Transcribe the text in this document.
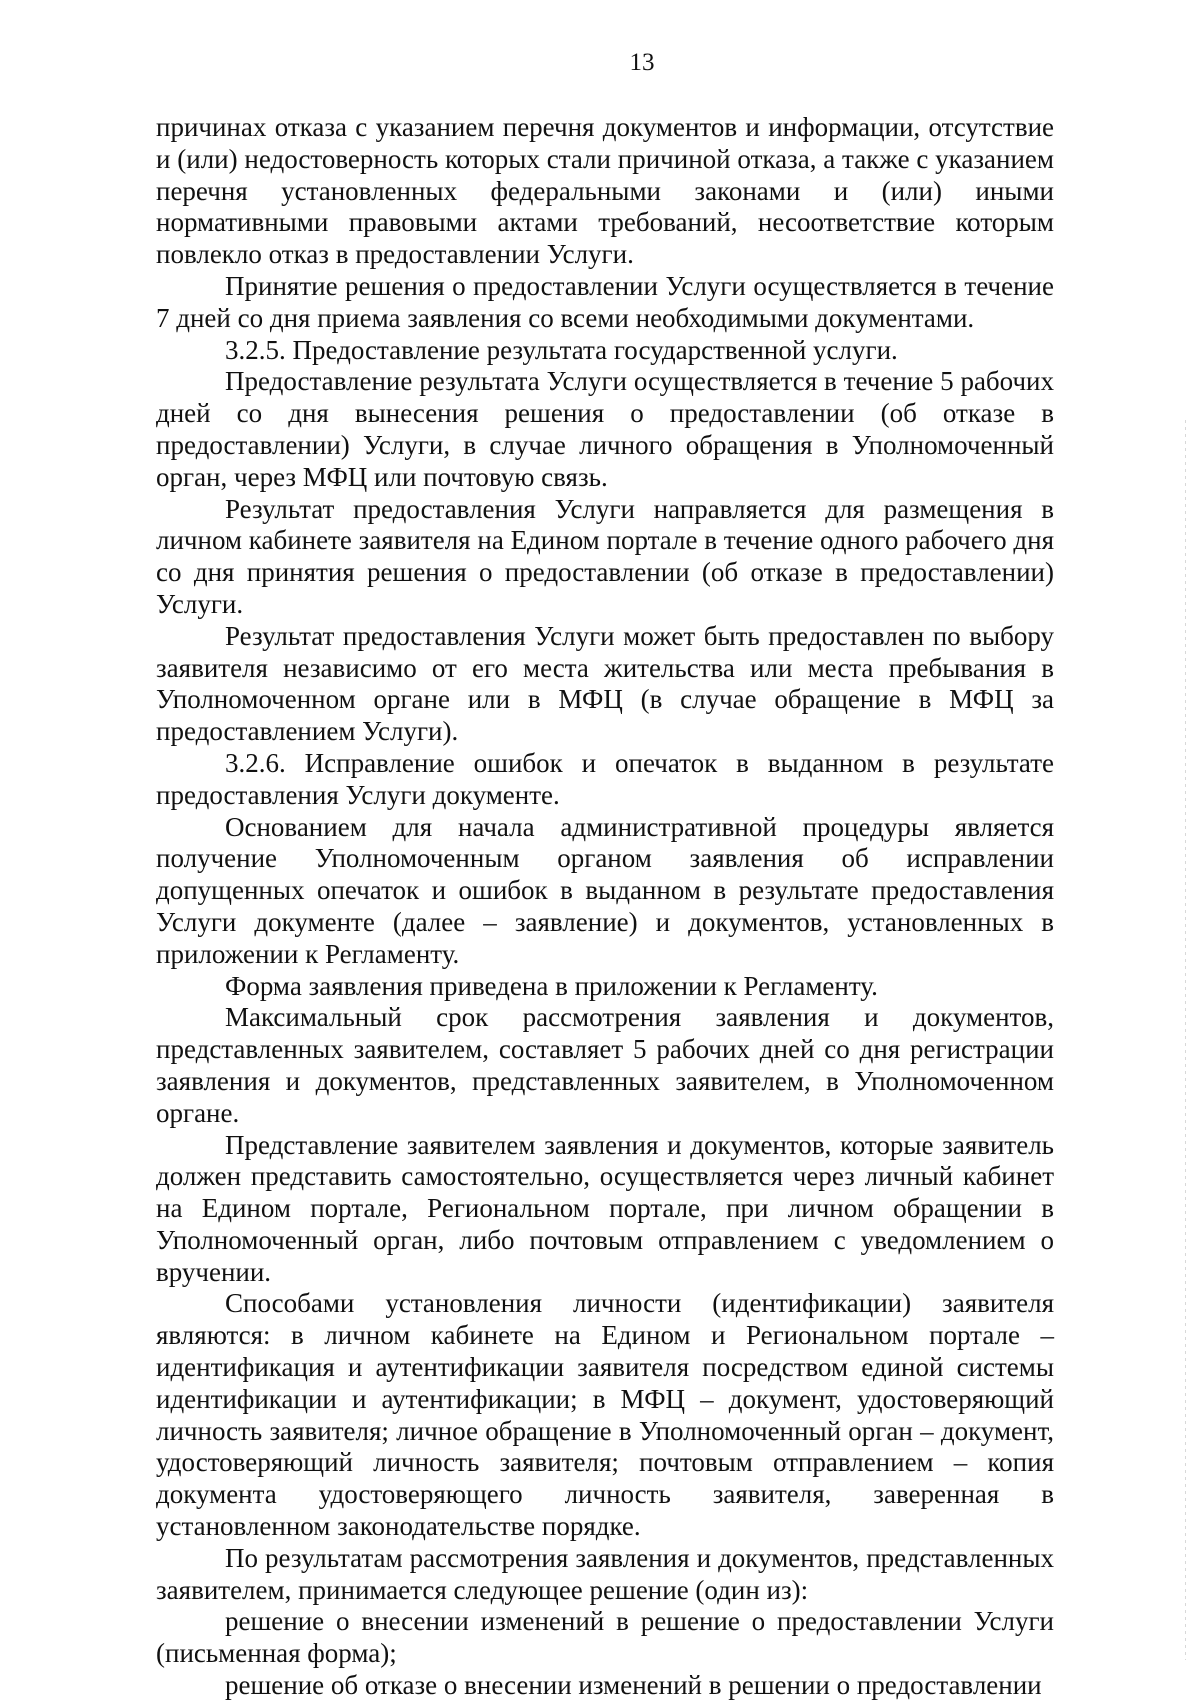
13

причинах отказа с указанием перечня документов и информации, отсутствие и (или) недостоверность которых стали причиной отказа, а также с указанием перечня установленных федеральными законами и (или) иными нормативными правовыми актами требований, несоответствие которым повлекло отказ в предоставлении Услуги.

Принятие решения о предоставлении Услуги осуществляется в течение 7 дней со дня приема заявления со всеми необходимыми документами.

3.2.5. Предоставление результата государственной услуги.

Предоставление результата Услуги осуществляется в течение 5 рабочих дней со дня вынесения решения о предоставлении (об отказе в предоставлении) Услуги, в случае личного обращения в Уполномоченный орган, через МФЦ или почтовую связь.

Результат предоставления Услуги направляется для размещения в личном кабинете заявителя на Едином портале в течение одного рабочего дня со дня принятия решения о предоставлении (об отказе в предоставлении) Услуги.

Результат предоставления Услуги может быть предоставлен по выбору заявителя независимо от его места жительства или места пребывания в Уполномоченном органе или в МФЦ (в случае обращение в МФЦ за предоставлением Услуги).

3.2.6. Исправление ошибок и опечаток в выданном в результате предоставления Услуги документе.

Основанием для начала административной процедуры является получение Уполномоченным органом заявления об исправлении допущенных опечаток и ошибок в выданном в результате предоставления Услуги документе (далее – заявление) и документов, установленных в приложении к Регламенту.

Форма заявления приведена в приложении к Регламенту.

Максимальный срок рассмотрения заявления и документов, представленных заявителем, составляет 5 рабочих дней со дня регистрации заявления и документов, представленных заявителем, в Уполномоченном органе.

Представление заявителем заявления и документов, которые заявитель должен представить самостоятельно, осуществляется через личный кабинет на Едином портале, Региональном портале, при личном обращении в Уполномоченный орган, либо почтовым отправлением с уведомлением о вручении.

Способами установления личности (идентификации) заявителя являются: в личном кабинете на Едином и Региональном портале – идентификация и аутентификации заявителя посредством единой системы идентификации и аутентификации; в МФЦ – документ, удостоверяющий личность заявителя; личное обращение в Уполномоченный орган – документ, удостоверяющий личность заявителя; почтовым отправлением – копия документа удостоверяющего личность заявителя, заверенная в установленном законодательстве порядке.

По результатам рассмотрения заявления и документов, представленных заявителем, принимается следующее решение (один из):

решение о внесении изменений в решение о предоставлении Услуги (письменная форма);

решение об отказе о внесении изменений в решении о предоставлении
